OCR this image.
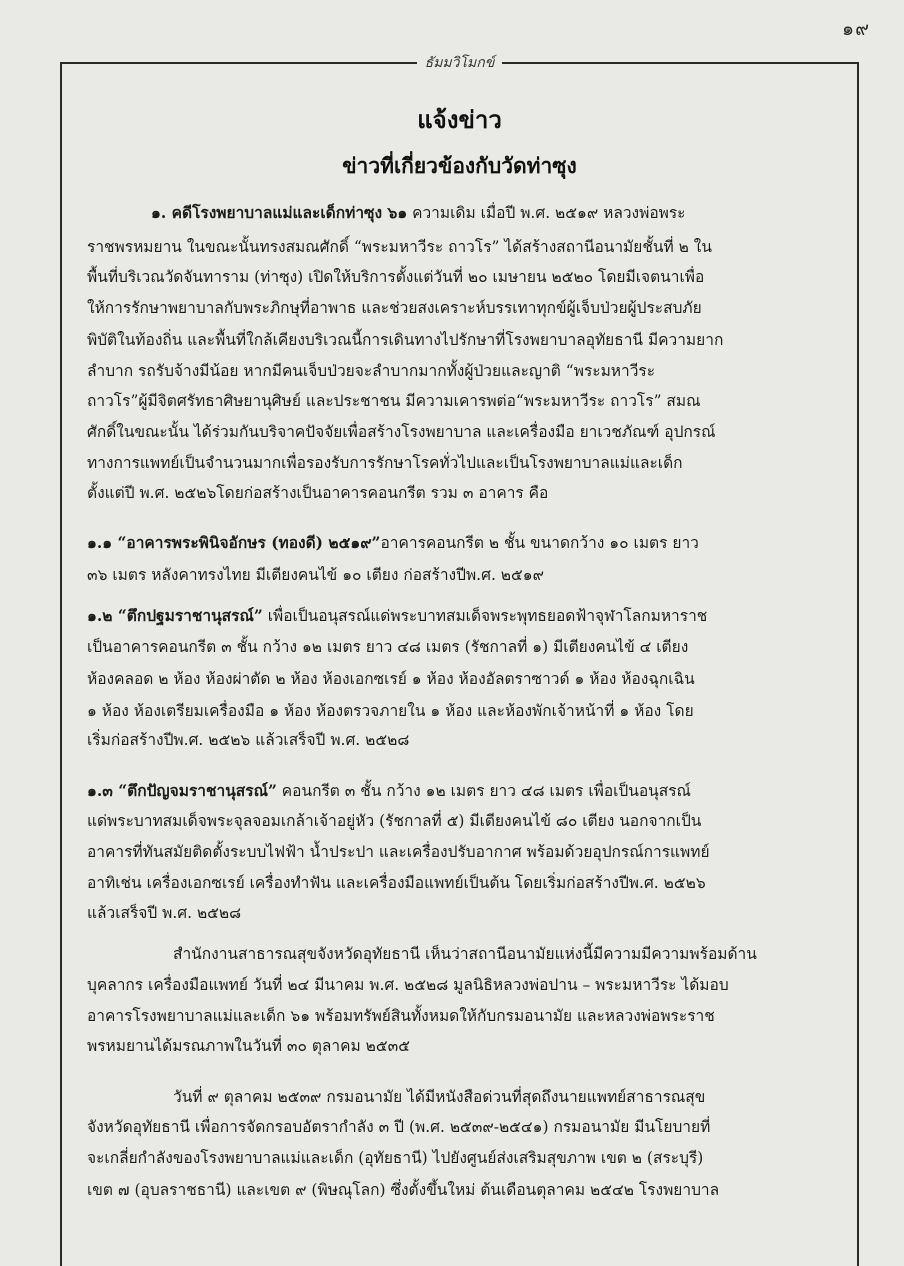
๑๙
ธัมมวิโมกข์
แจ้งข่าว
ข่าวที่เกี่ยวข้องกับวัดท่าซุง
๑. คดีโรงพยาบาลแม่และเด็กท่าซุง ๖๑ ความเดิม เมื่อปี พ.ศ. ๒๕๑๙ หลวงพ่อพระ
ราชพรหมยาน ในขณะนั้นทรงสมณศักดิ์ “พระมหาวีระ ถาวโร” ได้สร้างสถานีอนามัยชั้นที่ ๒ ใน
พื้นที่บริเวณวัดจันทาราม (ท่าซุง) เปิดให้บริการตั้งแต่วันที่ ๒๐ เมษายน ๒๕๒๐ โดยมีเจตนาเพื่อ
ให้การรักษาพยาบาลกับพระภิกษุที่อาพาธ และช่วยสงเคราะห์บรรเทาทุกข์ผู้เจ็บป่วยผู้ประสบภัย
พิบัติในท้องถิ่น และพื้นที่ใกล้เคียงบริเวณนี้การเดินทางไปรักษาที่โรงพยาบาลอุทัยธานี มีความยาก
ลำบาก รถรับจ้างมีน้อย หากมีคนเจ็บป่วยจะลำบากมากทั้งผู้ป่วยและญาติ “พระมหาวีระ
ถาวโร”ผู้มีจิตศรัทธาศิษยานุศิษย์ และประชาชน มีความเคารพต่อ“พระมหาวีระ ถาวโร” สมณ
ศักดิ์ในขณะนั้น ได้ร่วมกันบริจาคปัจจัยเพื่อสร้างโรงพยาบาล และเครื่องมือ ยาเวชภัณฑ์ อุปกรณ์
ทางการแพทย์เป็นจำนวนมากเพื่อรองรับการรักษาโรคทั่วไปและเป็นโรงพยาบาลแม่และเด็ก
ตั้งแต่ปี พ.ศ. ๒๕๒๖โดยก่อสร้างเป็นอาคารคอนกรีต รวม ๓ อาคาร คือ
๑.๑ “อาคารพระพินิจอักษร (ทองดี) ๒๕๑๙”อาคารคอนกรีต ๒ ชั้น ขนาดกว้าง ๑๐ เมตร ยาว
๓๖ เมตร หลังคาทรงไทย มีเตียงคนไข้ ๑๐ เตียง ก่อสร้างปีพ.ศ. ๒๕๑๙
๑.๒ “ตึกปฐมราชานุสรณ์” เพื่อเป็นอนุสรณ์แด่พระบาทสมเด็จพระพุทธยอดฟ้าจุฬาโลกมหาราช
เป็นอาคารคอนกรีต ๓ ชั้น กว้าง ๑๒ เมตร ยาว ๔๘ เมตร (รัชกาลที่ ๑) มีเตียงคนไข้ ๔ เตียง
ห้องคลอด ๒ ห้อง ห้องผ่าตัด ๒ ห้อง ห้องเอกซเรย์ ๑ ห้อง ห้องอัลตราซาวด์ ๑ ห้อง ห้องฉุกเฉิน
๑ ห้อง ห้องเตรียมเครื่องมือ ๑ ห้อง ห้องตรวจภายใน ๑ ห้อง และห้องพักเจ้าหน้าที่ ๑ ห้อง โดย
เริ่มก่อสร้างปีพ.ศ. ๒๕๒๖ แล้วเสร็จปี พ.ศ. ๒๕๒๘
๑.๓ “ตึกปัญจมราชานุสรณ์” คอนกรีต ๓ ชั้น กว้าง ๑๒ เมตร ยาว ๔๘ เมตร เพื่อเป็นอนุสรณ์
แด่พระบาทสมเด็จพระจุลจอมเกล้าเจ้าอยู่หัว (รัชกาลที่ ๕) มีเตียงคนไข้ ๘๐ เตียง นอกจากเป็น
อาคารที่ทันสมัยติดตั้งระบบไฟฟ้า น้ำประปา และเครื่องปรับอากาศ พร้อมด้วยอุปกรณ์การแพทย์
อาทิเช่น เครื่องเอกซเรย์ เครื่องทำฟัน และเครื่องมือแพทย์เป็นต้น โดยเริ่มก่อสร้างปีพ.ศ. ๒๕๒๖
แล้วเสร็จปี พ.ศ. ๒๕๒๘
สำนักงานสาธารณสุขจังหวัดอุทัยธานี เห็นว่าสถานีอนามัยแห่งนี้มีความมีความพร้อมด้าน
บุคลากร เครื่องมือแพทย์ วันที่ ๒๔ มีนาคม พ.ศ. ๒๕๒๘ มูลนิธิหลวงพ่อปาน – พระมหาวีระ ได้มอบ
อาคารโรงพยาบาลแม่และเด็ก ๖๑ พร้อมทรัพย์สินทั้งหมดให้กับกรมอนามัย และหลวงพ่อพระราช
พรหมยานได้มรณภาพในวันที่ ๓๐ ตุลาคม ๒๕๓๕
วันที่ ๙ ตุลาคม ๒๕๓๙ กรมอนามัย ได้มีหนังสือด่วนที่สุดถึงนายแพทย์สาธารณสุข
จังหวัดอุทัยธานี เพื่อการจัดกรอบอัตรากำลัง ๓ ปี (พ.ศ. ๒๕๓๙-๒๕๔๑) กรมอนามัย มีนโยบายที่
จะเกลี่ยกำลังของโรงพยาบาลแม่และเด็ก (อุทัยธานี) ไปยังศูนย์ส่งเสริมสุขภาพ เขต ๒ (สระบุรี)
เขต ๗ (อุบลราชธานี) และเขต ๙ (พิษณุโลก) ซึ่งตั้งขึ้นใหม่ ต้นเดือนตุลาคม ๒๕๔๒ โรงพยาบาล
